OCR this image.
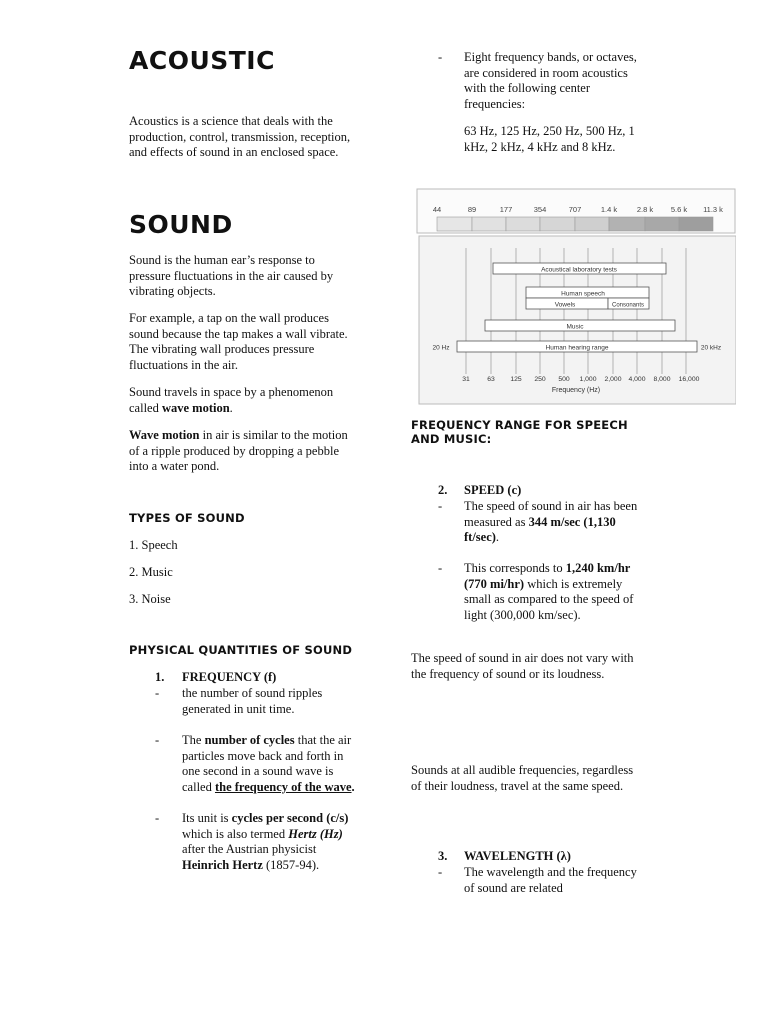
ACOUSTIC
Acoustics is a science that deals with the production, control, transmission, reception, and effects of sound in an enclosed space.
SOUND
Sound is the human ear’s response to pressure fluctuations in the air caused by vibrating objects.
For example, a tap on the wall produces sound because the tap makes a wall vibrate. The vibrating wall produces pressure fluctuations in the air.
Sound travels in space by a phenomenon called wave motion.
Wave motion in air is similar to the motion of a ripple produced by dropping a pebble into a water pond.
TYPES OF SOUND
1. Speech
2. Music
3. Noise
PHYSICAL QUANTITIES OF SOUND
1. FREQUENCY (f)
- the number of sound ripples generated in unit time.
- The number of cycles that the air particles move back and forth in one second in a sound wave is called the frequency of the wave.
- Its unit is cycles per second (c/s) which is also termed Hertz (Hz) after the Austrian physicist Heinrich Hertz (1857-94).
- Eight frequency bands, or octaves, are considered in room acoustics with the following center frequencies:
63 Hz, 125 Hz, 250 Hz, 500 Hz, 1 kHz, 2 kHz, 4 kHz and 8 kHz.
44	89	177	354	707	1.4 k	2.8 k 5.6 k 11.3 k
Acoustical laboratory tests
Human speech
Vowels	Consonants
Music
Human hearing range
20 Hz	20 kHz
31	63 125 250 500 1,000 2,000 4,000 8,000 16,000
Frequency (Hz)
FREQUENCY RANGE FOR SPEECH AND MUSIC:
2. SPEED (c)
- The speed of sound in air has been measured as 344 m/sec (1,130 ft/sec).
- This corresponds to 1,240 km/hr (770 mi/hr) which is extremely small as compared to the speed of light (300,000 km/sec).
The speed of sound in air does not vary with the frequency of sound or its loudness.
Sounds at all audible frequencies, regardless of their loudness, travel at the same speed.
3. WAVELENGTH (λ)
- The wavelength and the frequency of sound are related
